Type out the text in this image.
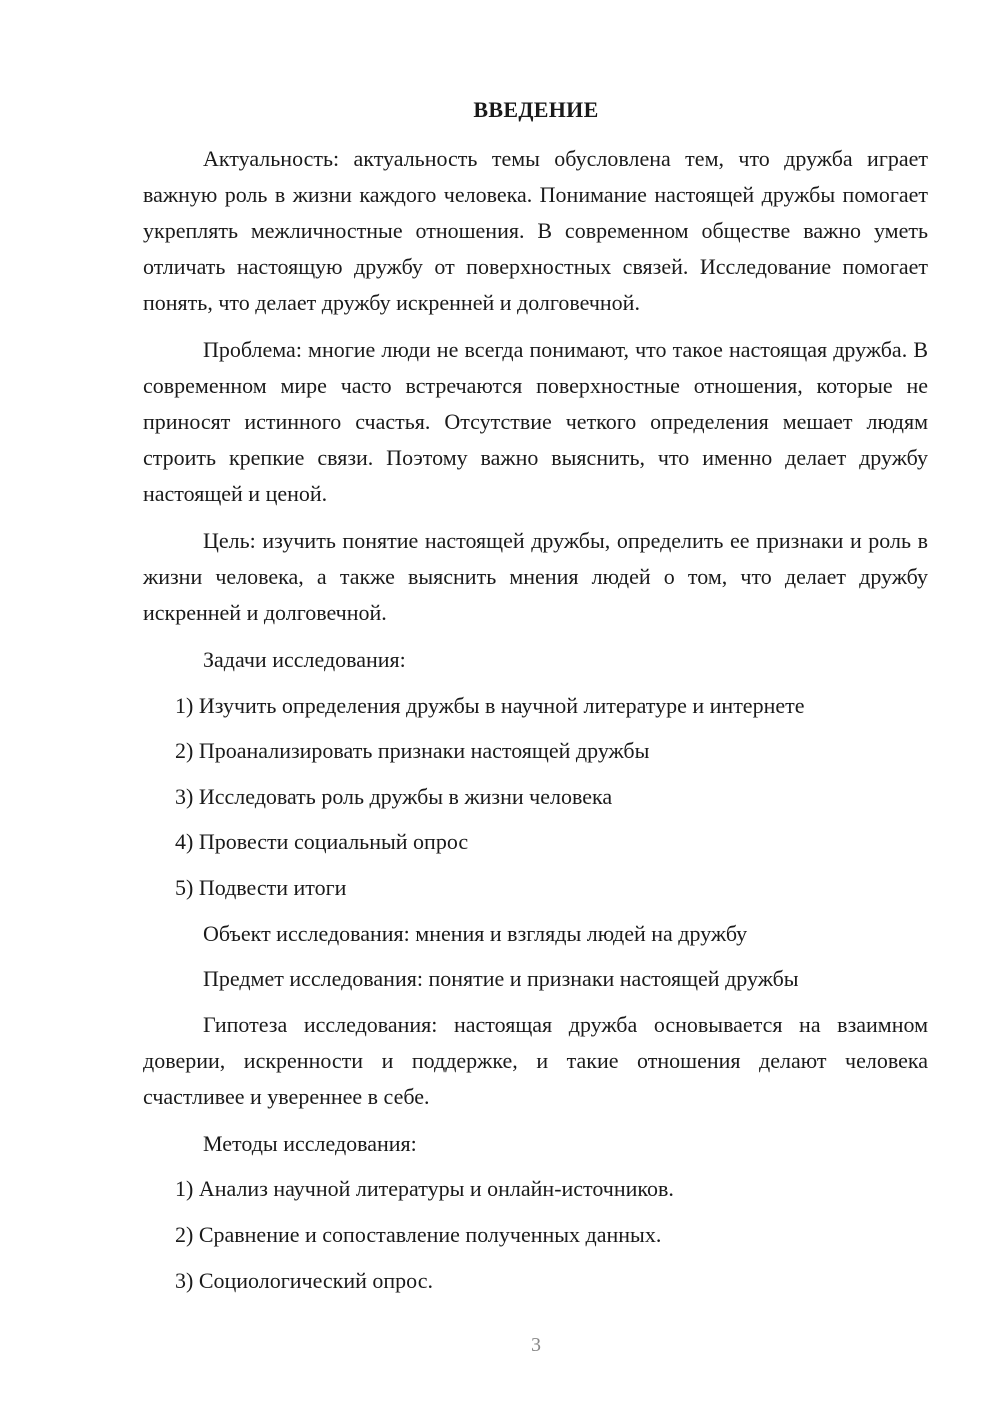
ВВЕДЕНИЕ

Актуальность: актуальность темы обусловлена тем, что дружба играет важную роль в жизни каждого человека. Понимание настоящей дружбы помогает укреплять межличностные отношения. В современном обществе важно уметь отличать настоящую дружбу от поверхностных связей. Исследование помогает понять, что делает дружбу искренней и долговечной.

Проблема: многие люди не всегда понимают, что такое настоящая дружба. В современном мире часто встречаются поверхностные отношения, которые не приносят истинного счастья. Отсутствие четкого определения мешает людям строить крепкие связи. Поэтому важно выяснить, что именно делает дружбу настоящей и ценой.

Цель: изучить понятие настоящей дружбы, определить ее признаки и роль в жизни человека, а также выяснить мнения людей о том, что делает дружбу искренней и долговечной.

Задачи исследования:

1) Изучить определения дружбы в научной литературе и интернете

2) Проанализировать признаки настоящей дружбы

3) Исследовать роль дружбы в жизни человека

4) Провести социальный опрос

5) Подвести итоги

Объект исследования: мнения и взгляды людей на дружбу

Предмет исследования: понятие и признаки настоящей дружбы

Гипотеза исследования: настоящая дружба основывается на взаимном доверии, искренности и поддержке, и такие отношения делают человека счастливее и увереннее в себе.

Методы исследования:

1) Анализ научной литературы и онлайн-источников.

2) Сравнение и сопоставление полученных данных.

3) Социологический опрос.

3
